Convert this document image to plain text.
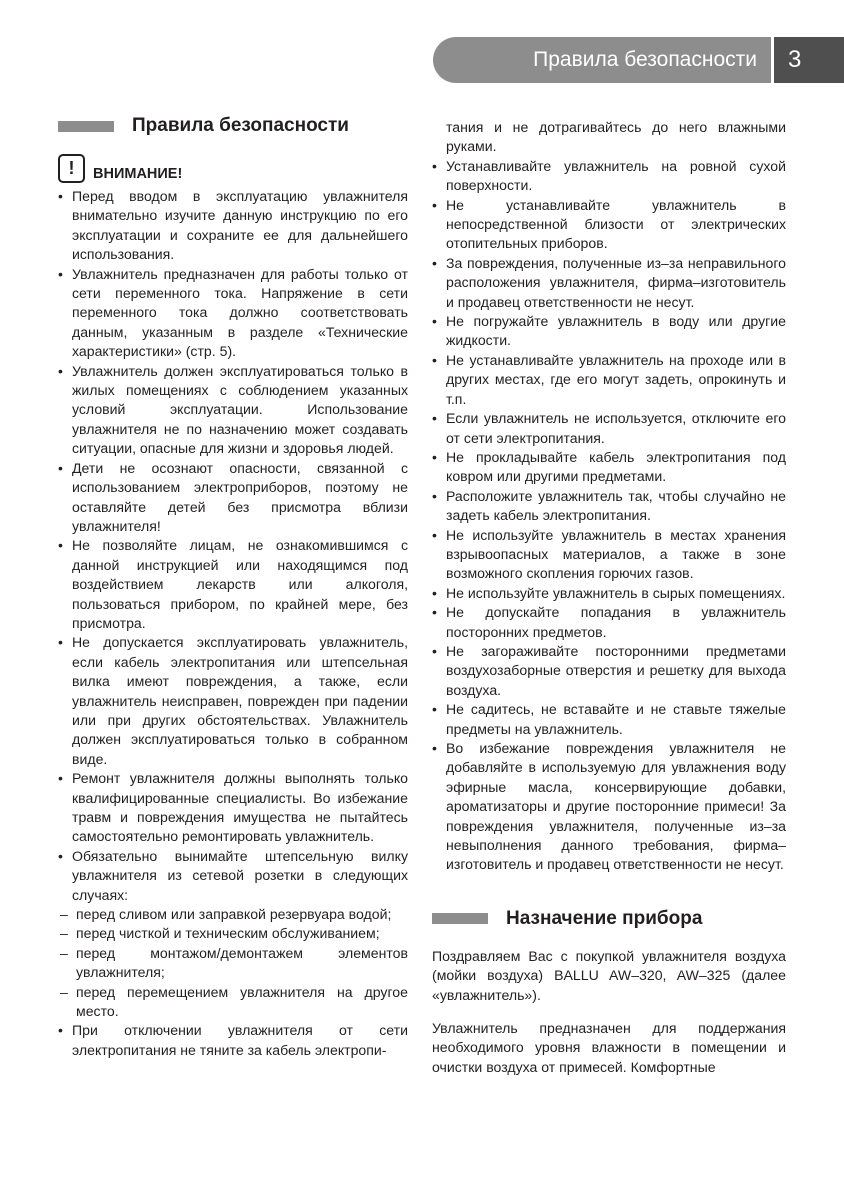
Правила безопасности	3
Правила безопасности
!	ВНИМАНИЕ!
• Перед вводом в эксплуатацию увлажнителя внимательно изучите данную инструкцию по его эксплуатации и сохраните ее для дальнейшего использования.
• Увлажнитель предназначен для работы только от сети переменного тока. Напряжение в сети переменного тока должно соответствовать данным, указанным в разделе «Технические характеристики» (стр. 5).
• Увлажнитель должен эксплуатироваться только в жилых помещениях с соблюдением указанных условий эксплуатации. Использование увлажнителя не по назначению может создавать ситуации, опасные для жизни и здоровья людей.
• Дети не осознают опасности, связанной с использованием электроприборов, поэтому не оставляйте детей без присмотра вблизи увлажнителя!
• Не позволяйте лицам, не ознакомившимся с данной инструкцией или находящимся под воздействием лекарств или алкоголя, пользоваться прибором, по крайней мере, без присмотра.
• Не допускается эксплуатировать увлажнитель, если кабель электропитания или штепсельная вилка имеют повреждения, а также, если увлажнитель неисправен, поврежден при падении или при других обстоятельствах. Увлажнитель должен эксплуатироваться только в собранном виде.
• Ремонт увлажнителя должны выполнять только квалифицированные специалисты. Во избежание травм и повреждения имущества не пытайтесь самостоятельно ремонтировать увлажнитель.
• Обязательно вынимайте штепсельную вилку увлажнителя из сетевой розетки в следующих случаях:
– перед сливом или заправкой резервуара водой;
– перед чисткой и техническим обслуживанием;
– перед монтажом/демонтажем элементов увлажнителя;
– перед перемещением увлажнителя на другое место.
• При отключении увлажнителя от сети электропитания не тяните за кабель электропи-
тания и не дотрагивайтесь до него влажными руками.
• Устанавливайте увлажнитель на ровной сухой поверхности.
• Не устанавливайте увлажнитель в непосредственной близости от электрических отопительных приборов.
• За повреждения, полученные из–за неправильного расположения увлажнителя, фирма–изготовитель и продавец ответственности не несут.
• Не погружайте увлажнитель в воду или другие жидкости.
• Не устанавливайте увлажнитель на проходе или в других местах, где его могут задеть, опрокинуть и т.п.
• Если увлажнитель не используется, отключите его от сети электропитания.
• Не прокладывайте кабель электропитания под ковром или другими предметами.
• Расположите увлажнитель так, чтобы случайно не задеть кабель электропитания.
• Не используйте увлажнитель в местах хранения взрывоопасных материалов, а также в зоне возможного скопления горючих газов.
• Не используйте увлажнитель в сырых помещениях.
• Не допускайте попадания в увлажнитель посторонних предметов.
• Не загораживайте посторонними предметами воздухозаборные отверстия и решетку для выхода воздуха.
• Не садитесь, не вставайте и не ставьте тяжелые предметы на увлажнитель.
• Во избежание повреждения увлажнителя не добавляйте в используемую для увлажнения воду эфирные масла, консервирующие добавки, ароматизаторы и другие посторонние примеси! За повреждения увлажнителя, полученные из–за невыполнения данного требования, фирма–изготовитель и продавец ответственности не несут.
Назначение прибора

Поздравляем Вас с покупкой увлажнителя воздуха (мойки воздуха) BALLU AW–320, AW–325 (далее «увлажнитель»).

Увлажнитель предназначен для поддержания необходимого уровня влажности в помещении и очистки воздуха от примесей. Комфортные
